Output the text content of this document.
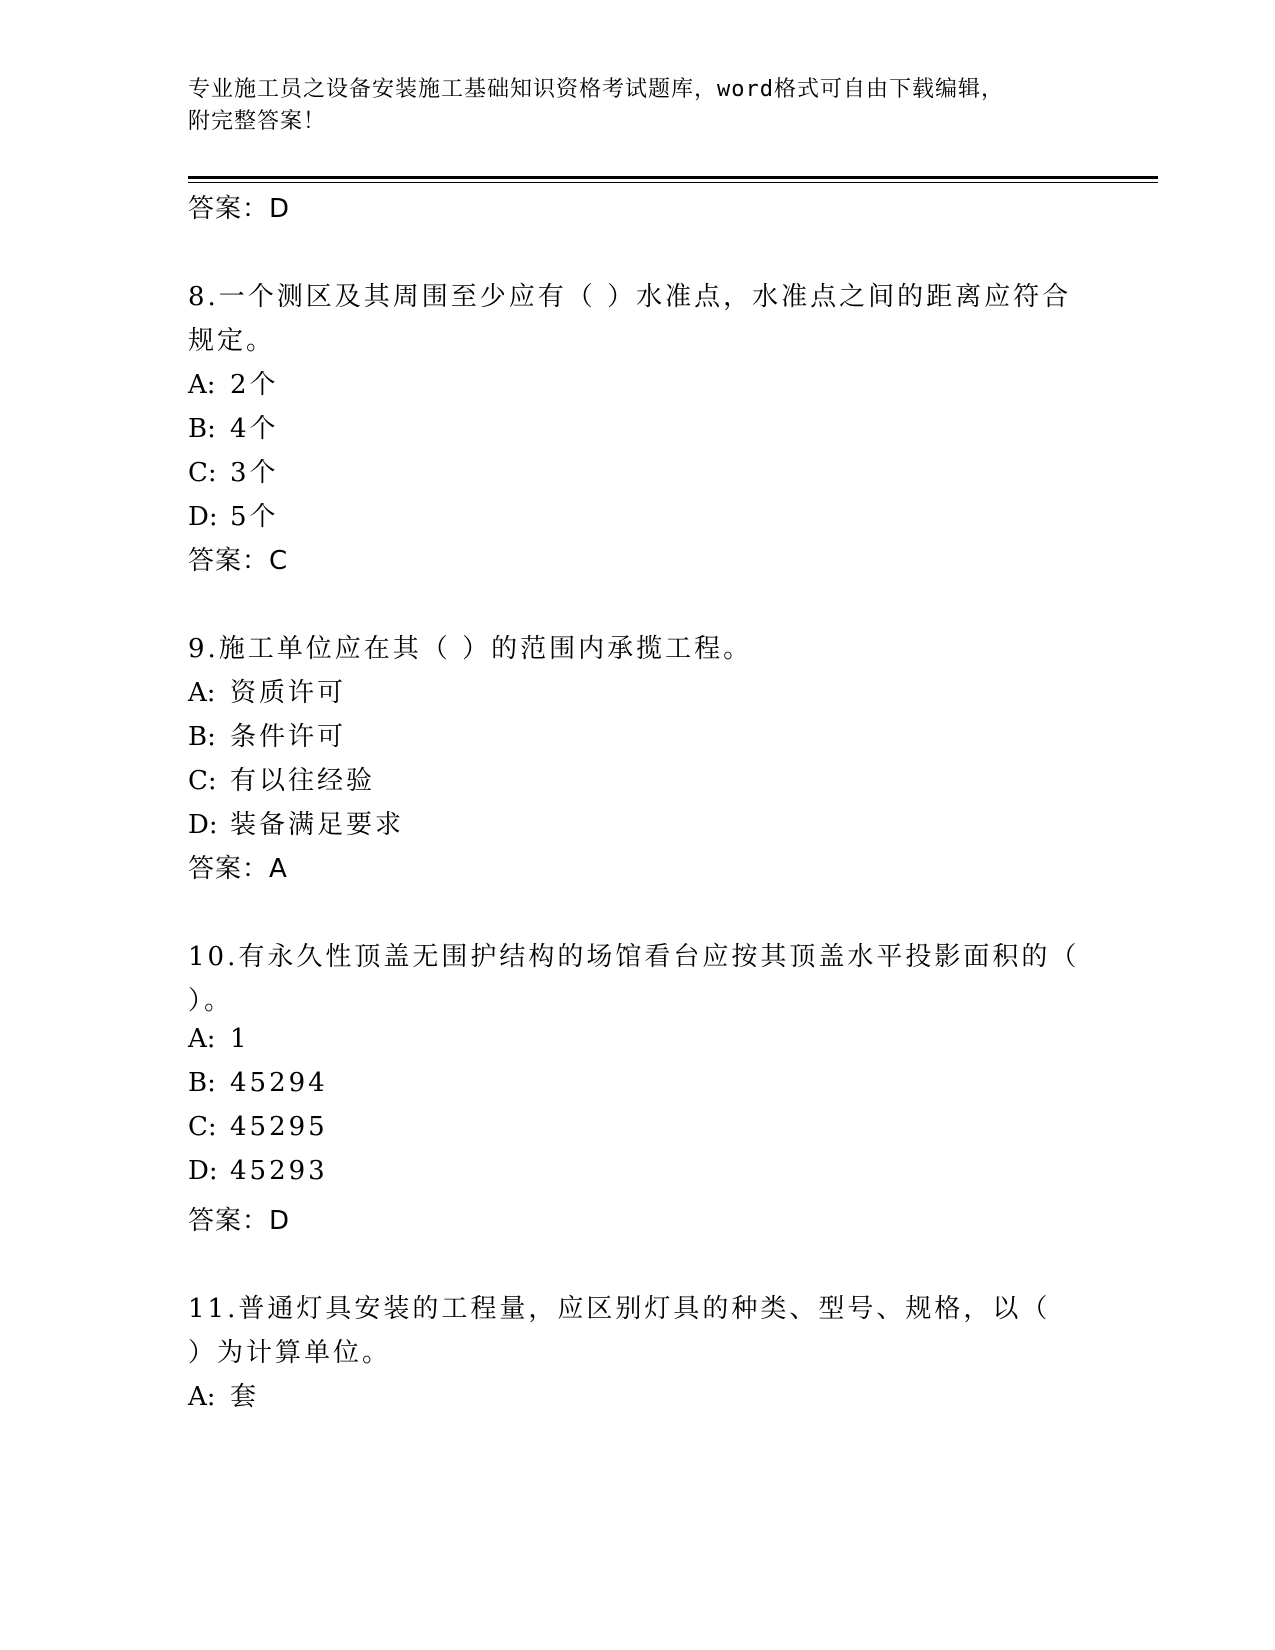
专业施工员之设备安装施工基础知识资格考试题库，word格式可自由下载编辑，
附完整答案！
答案：D
8.一个测区及其周围至少应有（ ）水准点，水准点之间的距离应符合
规定。
A: 2个
B: 4个
C: 3个
D: 5个
答案：C
9.施工单位应在其（ ）的范围内承揽工程。
A: 资质许可
B: 条件许可
C: 有以往经验
D: 装备满足要求
答案：A
10.有永久性顶盖无围护结构的场馆看台应按其顶盖水平投影面积的（
）。
A: 1
B: 45294
C: 45295
D: 45293
答案：D
11.普通灯具安装的工程量，应区别灯具的种类、型号、规格，以（
）为计算单位。
A: 套
